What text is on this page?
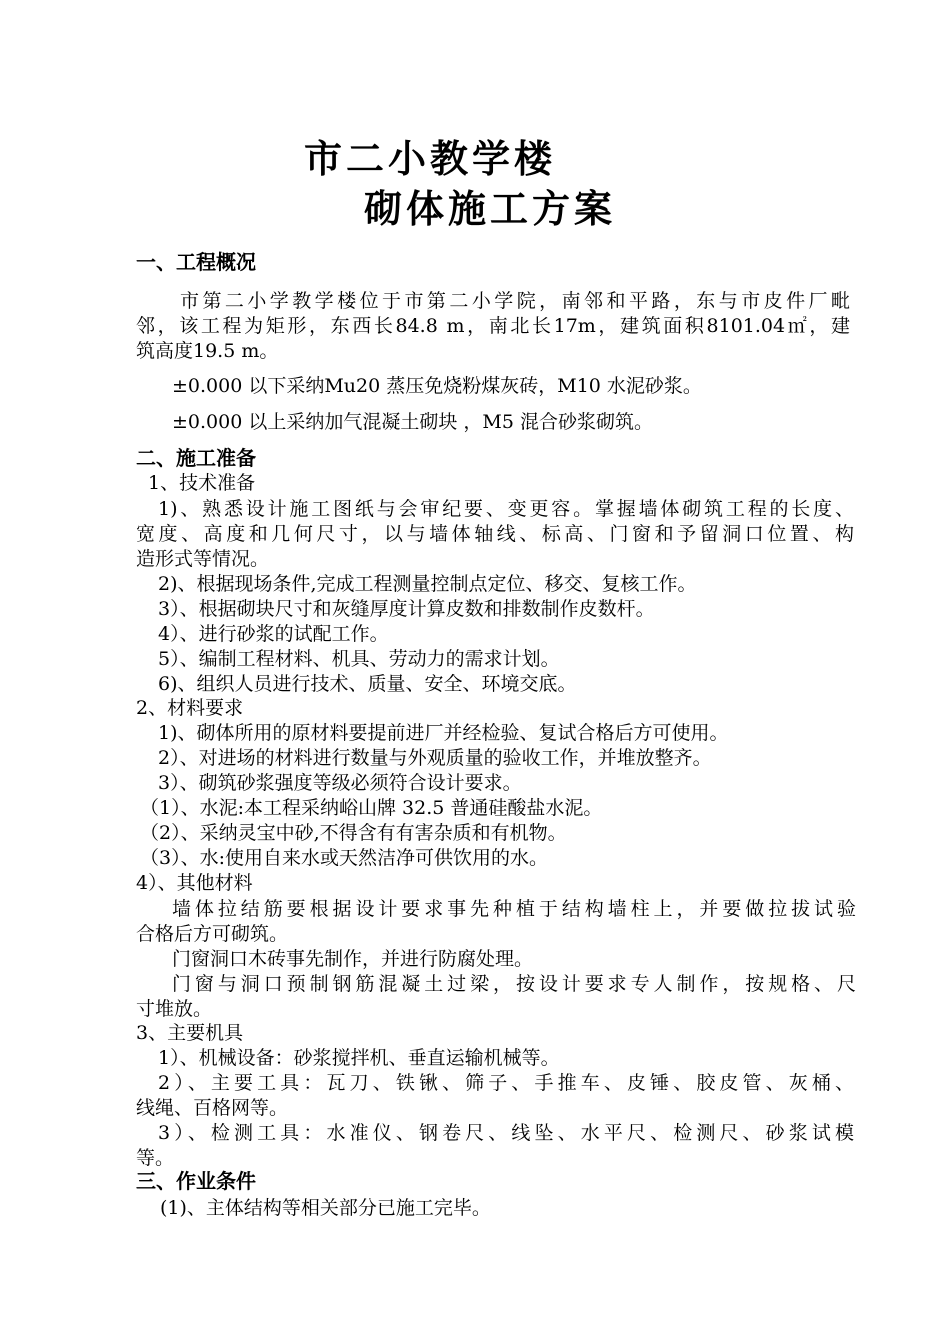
市二小教学楼
砌体施工方案
一、工程概况
市第二小学教学楼位于市第二小学院，南邻和平路，东与市皮件厂毗
邻，该工程为矩形，东西长84.8 m，南北长17m，建筑面积8101.04㎡，建
筑高度19.5 m。
±0.000 以下采纳Mu20 蒸压免烧粉煤灰砖，M10 水泥砂浆。
±0.000 以上采纳加气混凝土砌块 ，M5 混合砂浆砌筑。
二、施工准备
1、技术准备
1)、熟悉设计施工图纸与会审纪要、变更容。掌握墙体砌筑工程的长度、
宽度、高度和几何尺寸，以与墙体轴线、标高、门窗和予留洞口位置、构
造形式等情况。
2)、根据现场条件,完成工程测量控制点定位、移交、复核工作。
3）、根据砌块尺寸和灰缝厚度计算皮数和排数制作皮数杆。
4）、进行砂浆的试配工作。
5）、编制工程材料、机具、劳动力的需求计划。
6)、组织人员进行技术、质量、安全、环境交底。
2、材料要求
1)、砌体所用的原材料要提前进厂并经检验、复试合格后方可使用。
2）、对进场的材料进行数量与外观质量的验收工作，并堆放整齐。
3）、砌筑砂浆强度等级必须符合设计要求。
（1）、水泥:本工程采纳峪山牌 32.5 普通硅酸盐水泥。
（2）、采纳灵宝中砂,不得含有有害杂质和有机物。
（3）、水:使用自来水或天然洁净可供饮用的水。
4）、其他材料
墙体拉结筋要根据设计要求事先种植于结构墙柱上，并要做拉拔试验
合格后方可砌筑。
门窗洞口木砖事先制作，并进行防腐处理。
门窗与洞口预制钢筋混凝土过梁，按设计要求专人制作，按规格、尺
寸堆放。
3、主要机具
1）、机械设备：砂浆搅拌机、垂直运输机械等。
2）、主要工具：瓦刀、铁锹、筛子、手推车、皮锤、胶皮管、灰桶、
线绳、百格网等。
3）、检测工具：水准仪、钢卷尺、线坠、水平尺、检测尺、砂浆试模
等。
三、作业条件
(1)、主体结构等相关部分已施工完毕。
